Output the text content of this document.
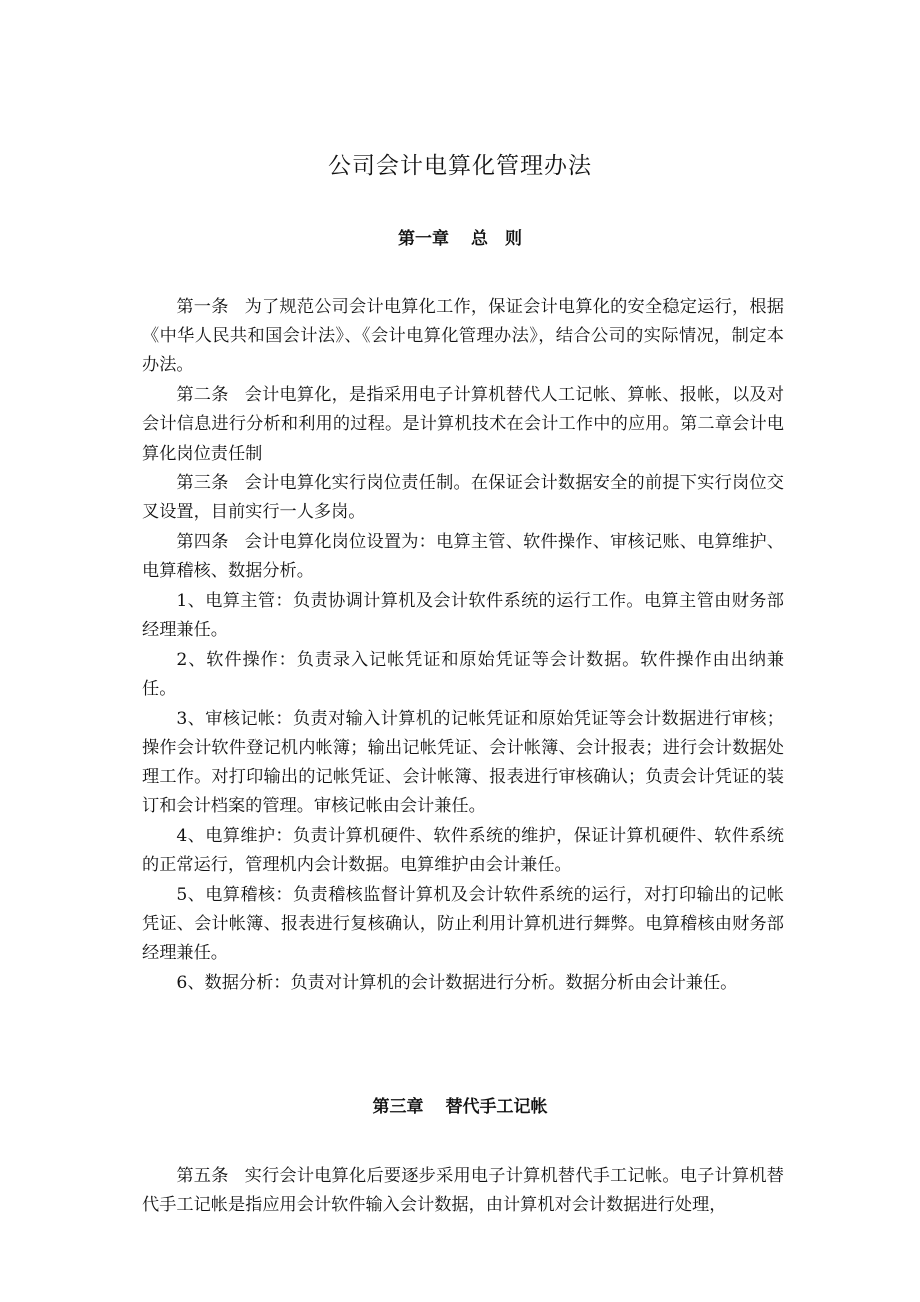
公司会计电算化管理办法
第一章 总　则

第一条 为了规范公司会计电算化工作，保证会计电算化的安全稳定运行，根据《中华人民共和国会计法》、《会计电算化管理办法》，结合公司的实际情况，制定本办法。

第二条 会计电算化，是指采用电子计算机替代人工记帐、算帐、报帐，以及对会计信息进行分析和利用的过程。是计算机技术在会计工作中的应用。第二章会计电算化岗位责任制

第三条 会计电算化实行岗位责任制。在保证会计数据安全的前提下实行岗位交叉设置，目前实行一人多岗。

第四条 会计电算化岗位设置为：电算主管、软件操作、审核记账、电算维护、电算稽核、数据分析。

1、电算主管：负责协调计算机及会计软件系统的运行工作。电算主管由财务部经理兼任。

2、软件操作：负责录入记帐凭证和原始凭证等会计数据。软件操作由出纳兼任。

3、审核记帐：负责对输入计算机的记帐凭证和原始凭证等会计数据进行审核；操作会计软件登记机内帐簿；输出记帐凭证、会计帐簿、会计报表；进行会计数据处理工作。对打印输出的记帐凭证、会计帐簿、报表进行审核确认；负责会计凭证的装订和会计档案的管理。审核记帐由会计兼任。

4、电算维护：负责计算机硬件、软件系统的维护，保证计算机硬件、软件系统的正常运行，管理机内会计数据。电算维护由会计兼任。

5、电算稽核：负责稽核监督计算机及会计软件系统的运行，对打印输出的记帐凭证、会计帐簿、报表进行复核确认，防止利用计算机进行舞弊。电算稽核由财务部经理兼任。

6、数据分析：负责对计算机的会计数据进行分析。数据分析由会计兼任。

第三章 替代手工记帐

第五条 实行会计电算化后要逐步采用电子计算机替代手工记帐。电子计算机替代手工记帐是指应用会计软件输入会计数据，由计算机对会计数据进行处理，
